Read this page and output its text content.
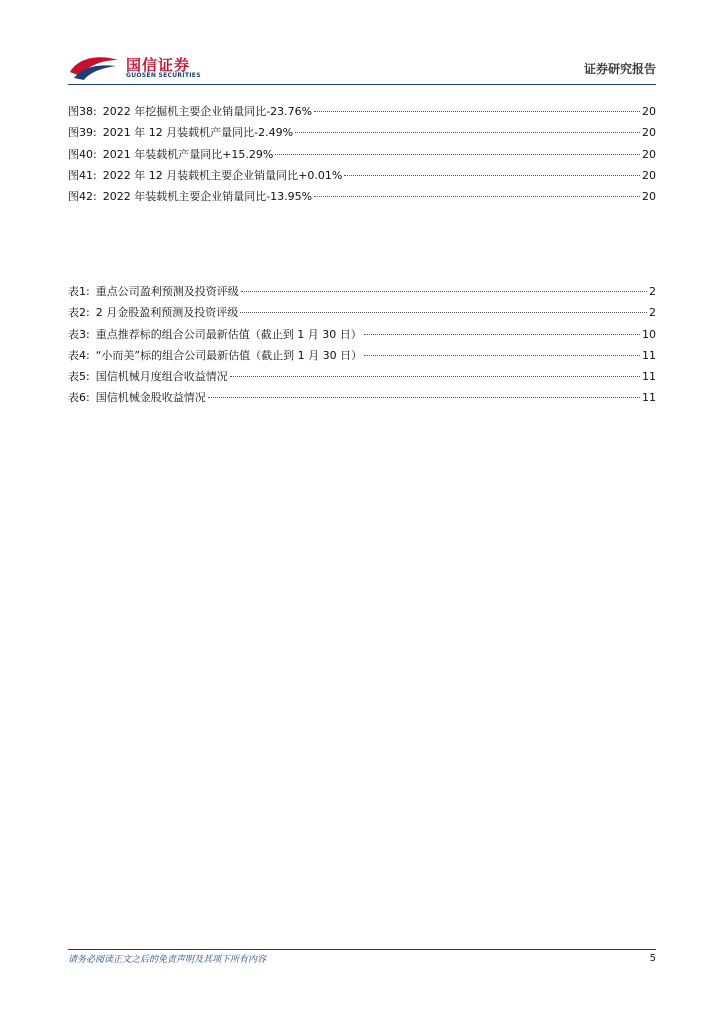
国信证券
GUOSEN SECURITIES	证券研究报告
图38: 2022 年挖掘机主要企业销量同比-23.76%	20
图39: 2021 年 12 月装载机产量同比-2.49%	20
图40: 2021 年装载机产量同比+15.29%	20
图41: 2022 年 12 月装载机主要企业销量同比+0.01%	20
图42: 2022 年装载机主要企业销量同比-13.95%	20
表1: 重点公司盈利预测及投资评级	2
表2: 2 月金股盈利预测及投资评级	2
表3: 重点推荐标的组合公司最新估值（截止到 1 月 30 日）	10
表4: “小而美”标的组合公司最新估值（截止到 1 月 30 日）	11
表5: 国信机械月度组合收益情况	11
表6: 国信机械金股收益情况	11
请务必阅读正文之后的免责声明及其项下所有内容	5
